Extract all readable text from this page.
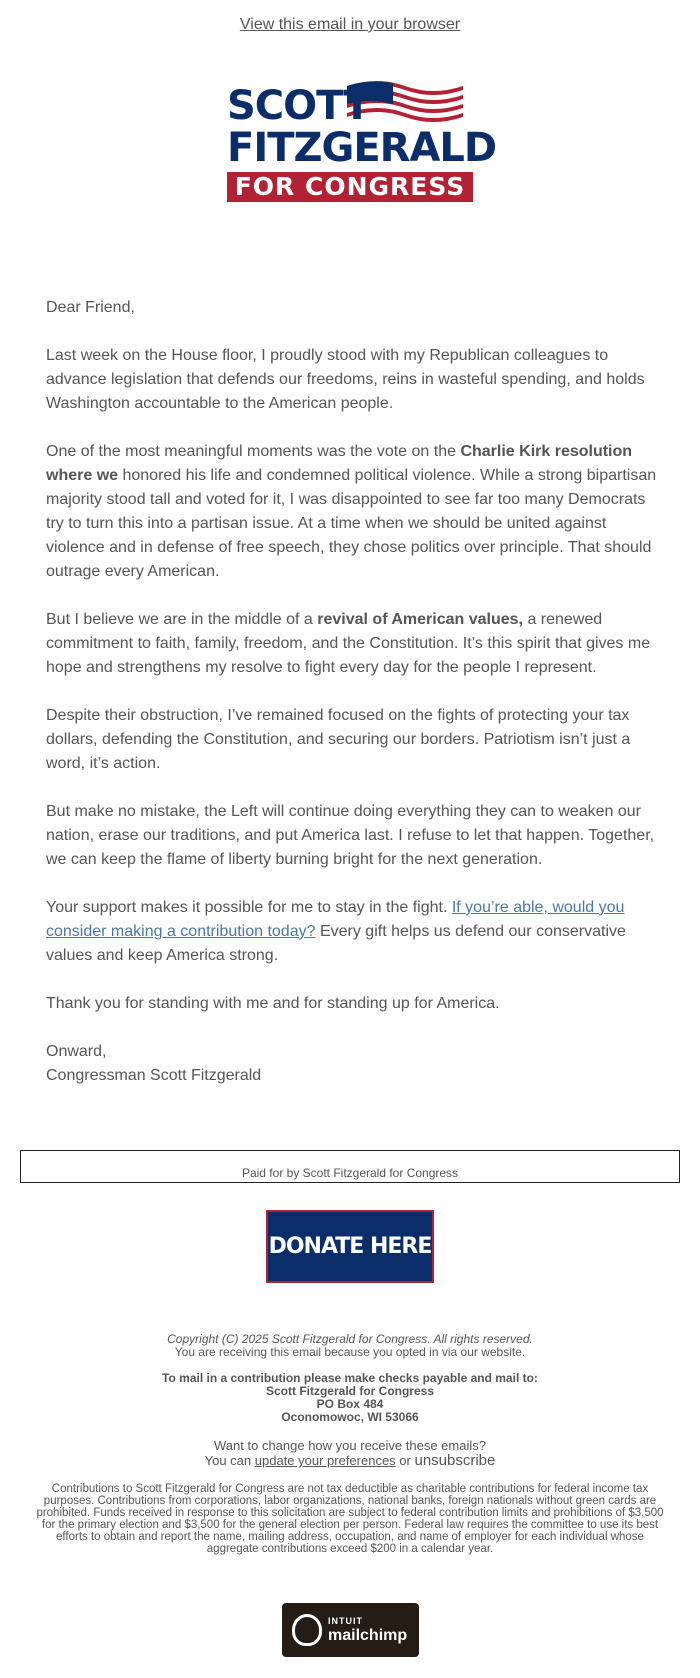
View this email in your browser
SCOTT
FITZGERALD
FOR CONGRESS

Dear Friend,

Last week on the House floor, I proudly stood with my Republican colleagues to advance legislation that defends our freedoms, reins in wasteful spending, and holds Washington accountable to the American people.

One of the most meaningful moments was the vote on the Charlie Kirk resolution where we honored his life and condemned political violence. While a strong bipartisan majority stood tall and voted for it, I was disappointed to see far too many Democrats try to turn this into a partisan issue. At a time when we should be united against violence and in defense of free speech, they chose politics over principle. That should outrage every American.

But I believe we are in the middle of a revival of American values, a renewed commitment to faith, family, freedom, and the Constitution. It’s this spirit that gives me hope and strengthens my resolve to fight every day for the people I represent.

Despite their obstruction, I’ve remained focused on the fights of protecting your tax dollars, defending the Constitution, and securing our borders. Patriotism isn’t just a word, it’s action.

But make no mistake, the Left will continue doing everything they can to weaken our nation, erase our traditions, and put America last. I refuse to let that happen. Together, we can keep the flame of liberty burning bright for the next generation.

Your support makes it possible for me to stay in the fight. If you’re able, would you consider making a contribution today? Every gift helps us defend our conservative values and keep America strong.

Thank you for standing with me and for standing up for America.

Onward,
Congressman Scott Fitzgerald
Paid for by Scott Fitzgerald for Congress
DONATE HERE
Copyright (C) 2025 Scott Fitzgerald for Congress. All rights reserved.
You are receiving this email because you opted in via our website.
To mail in a contribution please make checks payable and mail to:
Scott Fitzgerald for Congress
PO Box 484
Oconomowoc, WI 53066
Want to change how you receive these emails?
You can update your preferences or unsubscribe
Contributions to Scott Fitzgerald for Congress are not tax deductible as charitable contributions for federal income tax purposes. Contributions from corporations, labor organizations, national banks, foreign nationals without green cards are prohibited. Funds received in response to this solicitation are subject to federal contribution limits and prohibitions of $3,500 for the primary election and $3,500 for the general election per person. Federal law requires the committee to use its best efforts to obtain and report the name, mailing address, occupation, and name of employer for each individual whose aggregate contributions exceed $200 in a calendar year.
INTUIT
mailchimp
